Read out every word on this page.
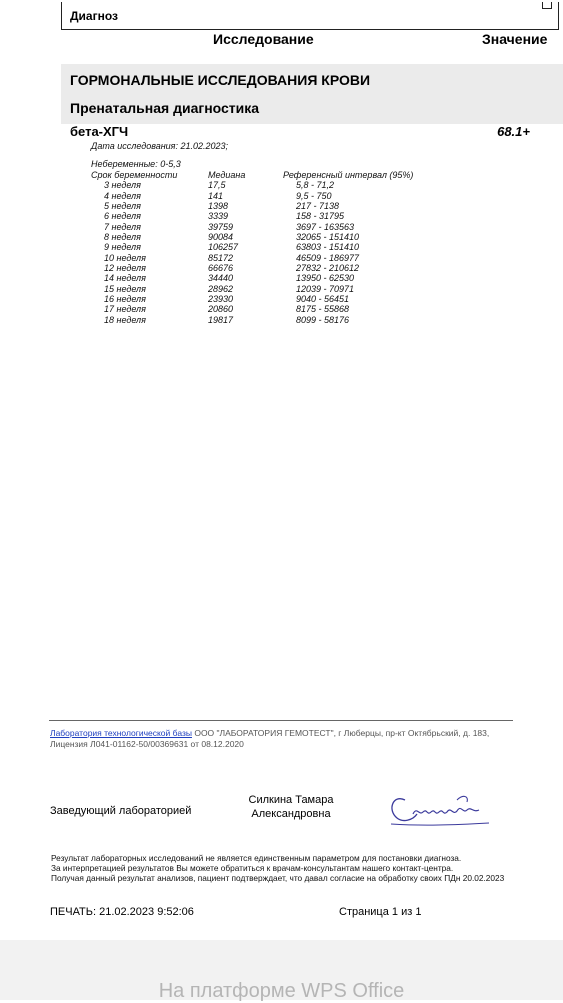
Диагноз
Исследование	Значение
ГОРМОНАЛЬНЫЕ ИССЛЕДОВАНИЯ КРОВИ
Пренатальная диагностика
бета-ХГЧ	68.1+
Дата исследования: 21.02.2023;
Небеременные: 0-5,3
Срок беременности	Медиана	Референсный интервал (95%)
3 неделя	17,5	5,8 - 71,2
4 неделя	141	9,5 - 750
5 неделя	1398	217 - 7138
6 неделя	3339	158 - 31795
7 неделя	39759	3697 - 163563
8 неделя	90084	32065 - 151410
9 неделя	106257	63803 - 151410
10 неделя	85172	46509 - 186977
12 неделя	66676	27832 - 210612
14 неделя	34440	13950 - 62530
15 неделя	28962	12039 - 70971
16 неделя	23930	9040 - 56451
17 неделя	20860	8175 - 55868
18 неделя	19817	8099 - 58176
Лаборатория технологической базы ООО "ЛАБОРАТОРИЯ ГЕМОТЕСТ", г Люберцы, пр-кт Октябрьский, д. 183,
Лицензия Л041-01162-50/00369631 от 08.12.2020
Заведующий лабораторией
Силкина Тамара
Александровна
Результат лабораторных исследований не является единственным параметром для постановки диагноза.
За интерпретацией результатов Вы можете обратиться к врачам-консультантам нашего контакт-центра.
Получая данный результат анализов, пациент подтверждает, что давал согласие на обработку своих ПДн 20.02.2023
ПЕЧАТЬ: 21.02.2023 9:52:06	Страница 1 из 1
На платформе WPS Office
